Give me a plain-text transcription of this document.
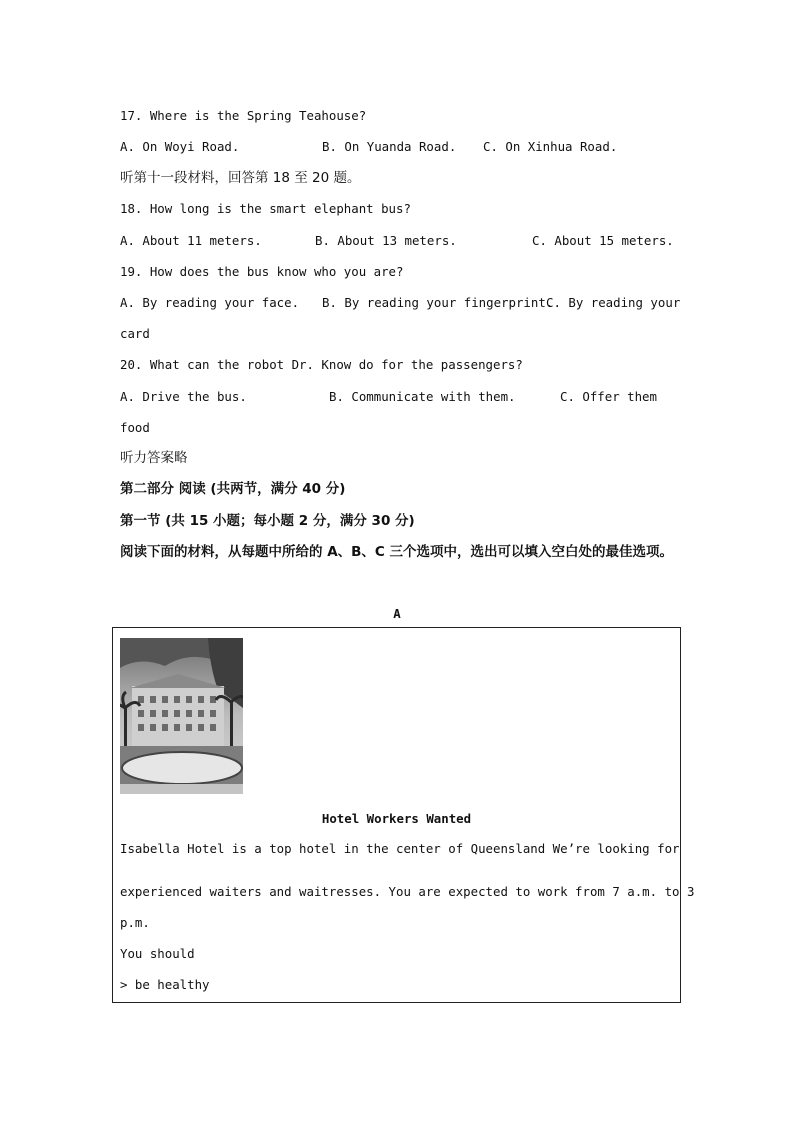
17. Where is the Spring Teahouse?
A. On Woyi Road.	B. On Yuanda Road. C. On Xinhua Road.
听第十一段材料，回答第 18 至 20 题。
18. How long is the smart elephant bus?
A. About 11 meters.	B. About 13 meters.	C. About 15 meters.
19. How does the bus know who you are?
A. By reading your face. B. By reading your fingerprint.
C. By reading your
card
20. What can the robot Dr. Know do for the passengers?
A. Drive the bus.	B. Communicate with them.	C. Offer them
food
听力答案略
第二部分 阅读 (共两节，满分 40 分)
第一节 (共 15 小题；每小题 2 分，满分 30 分)
阅读下面的材料，从每题中所给的 A、B、C 三个选项中，选出可以填入空白处的最佳选项。
A
Hotel Workers Wanted
Isabella Hotel is a top hotel in the center of Queensland We’re looking for
experienced waiters and waitresses. You are expected to work from 7 a.m. to 3
p.m.
You should
> be healthy
